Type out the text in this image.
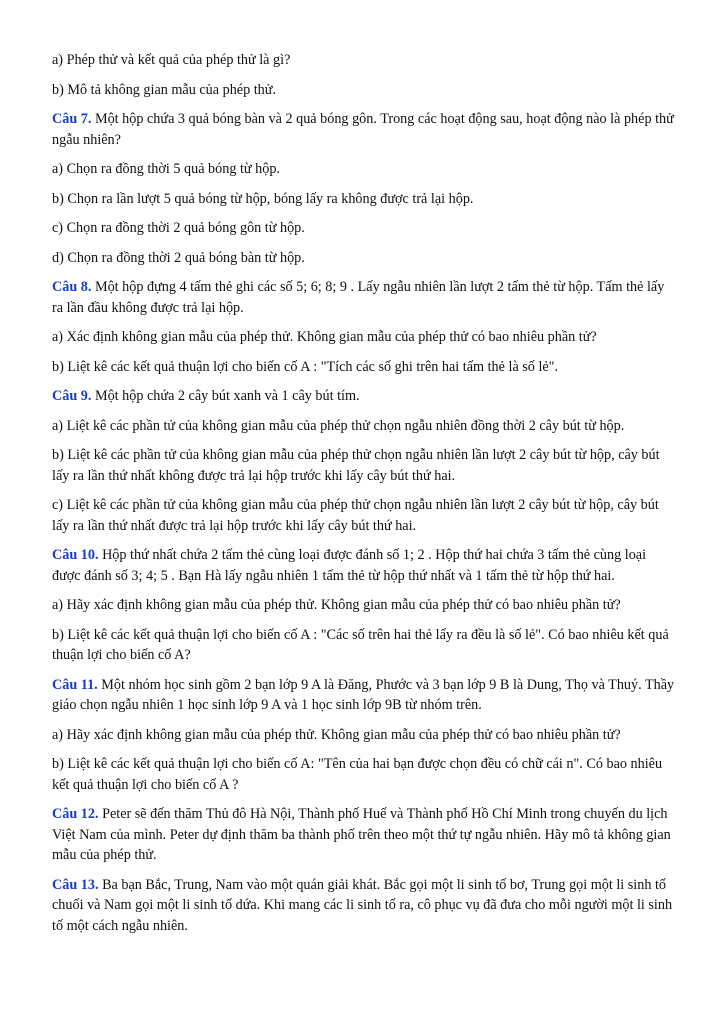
a) Phép thử và kết quả của phép thử là gì?

b) Mô tả không gian mẫu của phép thử.

Câu 7. Một hộp chứa 3 quả bóng bàn và 2 quả bóng gôn. Trong các hoạt động sau, hoạt động nào là phép thử ngẫu nhiên?

a) Chọn ra đồng thời 5 quả bóng từ hộp.

b) Chọn ra lần lượt 5 quả bóng từ hộp, bóng lấy ra không được trả lại hộp.

c) Chọn ra đồng thời 2 quả bóng gôn từ hộp.

d) Chọn ra đồng thời 2 quả bóng bàn từ hộp.

Câu 8. Một hộp đựng 4 tấm thẻ ghi các số 5; 6; 8; 9 . Lấy ngẫu nhiên lần lượt 2 tấm thẻ từ hộp. Tấm thẻ lấy ra lần đầu không được trả lại hộp.

a) Xác định không gian mẫu của phép thử. Không gian mẫu của phép thử có bao nhiêu phần tử?

b) Liệt kê các kết quả thuận lợi cho biến cố A : "Tích các số ghi trên hai tấm thẻ là số lẻ".

Câu 9. Một hộp chứa 2 cây bút xanh và 1 cây bút tím.

a) Liệt kê các phần tử của không gian mẫu của phép thử chọn ngẫu nhiên đồng thời 2 cây bút từ hộp.

b) Liệt kê các phần tử của không gian mẫu của phép thử chọn ngẫu nhiên lần lượt 2 cây bút từ hộp, cây bút lấy ra lần thứ nhất không được trả lại hộp trước khi lấy cây bút thứ hai.

c) Liệt kê các phần tử của không gian mẫu của phép thử chọn ngẫu nhiên lần lượt 2 cây bút từ hộp, cây bút lấy ra lần thứ nhất được trả lại hộp trước khi lấy cây bút thứ hai.

Câu 10. Hộp thứ nhất chứa 2 tấm thẻ cùng loại được đánh số 1; 2 . Hộp thứ hai chứa 3 tấm thẻ cùng loại được đánh số 3; 4; 5 . Bạn Hà lấy ngẫu nhiên 1 tấm thẻ từ hộp thứ nhất và 1 tấm thẻ từ hộp thứ hai.

a) Hãy xác định không gian mẫu của phép thử. Không gian mẫu của phép thử có bao nhiêu phần tử?

b) Liệt kê các kết quả thuận lợi cho biến cố A : "Các số trên hai thẻ lấy ra đều là số lẻ". Có bao nhiêu kết quả thuận lợi cho biến cố A?

Câu 11. Một nhóm học sinh gồm 2 bạn lớp 9 A là Đăng, Phước và 3 bạn lớp 9 B là Dung, Thọ và Thuý. Thầy giáo chọn ngẫu nhiên 1 học sinh lớp 9 A và 1 học sinh lớp 9B từ nhóm trên.

a) Hãy xác định không gian mẫu của phép thử. Không gian mẫu của phép thử có bao nhiêu phần tử?

b) Liệt kê các kết quả thuận lợi cho biến cố A: "Tên của hai bạn được chọn đều có chữ cái n". Có bao nhiêu kết quả thuận lợi cho biến cố A ?

Câu 12. Peter sẽ đến thăm Thủ đô Hà Nội, Thành phố Huế và Thành phố Hồ Chí Minh trong chuyến du lịch Việt Nam của mình. Peter dự định thăm ba thành phố trên theo một thứ tự ngẫu nhiên. Hãy mô tả không gian mẫu của phép thử.

Câu 13. Ba bạn Bắc, Trung, Nam vào một quán giải khát. Bắc gọi một li sinh tố bơ, Trung gọi một li sinh tố chuối và Nam gọi một li sinh tố dứa. Khi mang các li sinh tố ra, cô phục vụ đã đưa cho mỗi người một li sinh tố một cách ngẫu nhiên.
